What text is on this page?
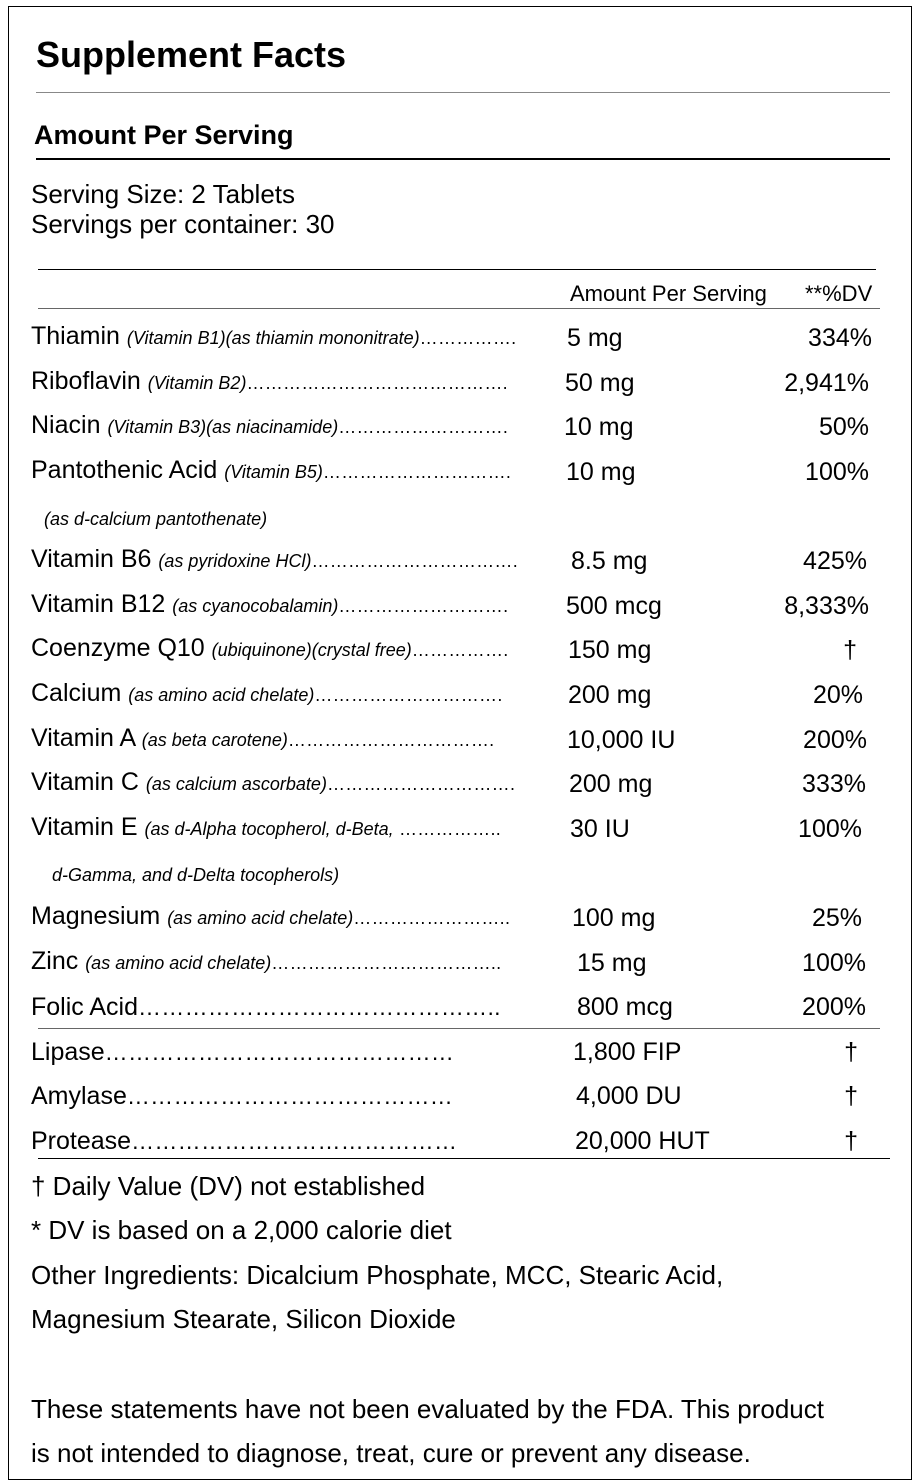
Supplement Facts
Amount Per Serving
Serving Size: 2 Tablets
Servings per container: 30
Amount Per Serving **%DV
Thiamin (Vitamin B1)(as thiamin mononitrate)……………. 5 mg	334%
Riboflavin (Vitamin B2)……………………………………. 50 mg	2,941%
Niacin (Vitamin B3)(as niacinamide)………………………. 10 mg	50%
Pantothenic Acid (Vitamin B5)…………………………. 10 mg	100%
(as d-calcium pantothenate)
Vitamin B6 (as pyridoxine HCl)……………………………. 8.5 mg	425%
Vitamin B12 (as cyanocobalamin)………………………. 500 mcg	8,333%
Coenzyme Q10 (ubiquinone)(crystal free)……………. 150 mg	†
Calcium (as amino acid chelate)………………………….	200 mg	20%
Vitamin A (as beta carotene)…………………………….	10,000 IU	200%
Vitamin C (as calcium ascorbate)…………………………. 200 mg	333%
Vitamin E (as d-Alpha tocopherol, d-Beta, ……………..	30 IU	100%
d-Gamma, and d-Delta tocopherols)
Magnesium (as amino acid chelate)…………………….. 100 mg	25%
Zinc (as amino acid chelate)………………………………..	15 mg	100%
Folic Acid………………………………………..	800 mcg	200%
Lipase………………………………………	1,800 FIP	†
Amylase……………………………………	4,000 DU	†
Protease……………………………………	20,000 HUT	†
† Daily Value (DV) not established
* DV is based on a 2,000 calorie diet
Other Ingredients: Dicalcium Phosphate, MCC, Stearic Acid,
Magnesium Stearate, Silicon Dioxide
These statements have not been evaluated by the FDA. This product
is not intended to diagnose, treat, cure or prevent any disease.
